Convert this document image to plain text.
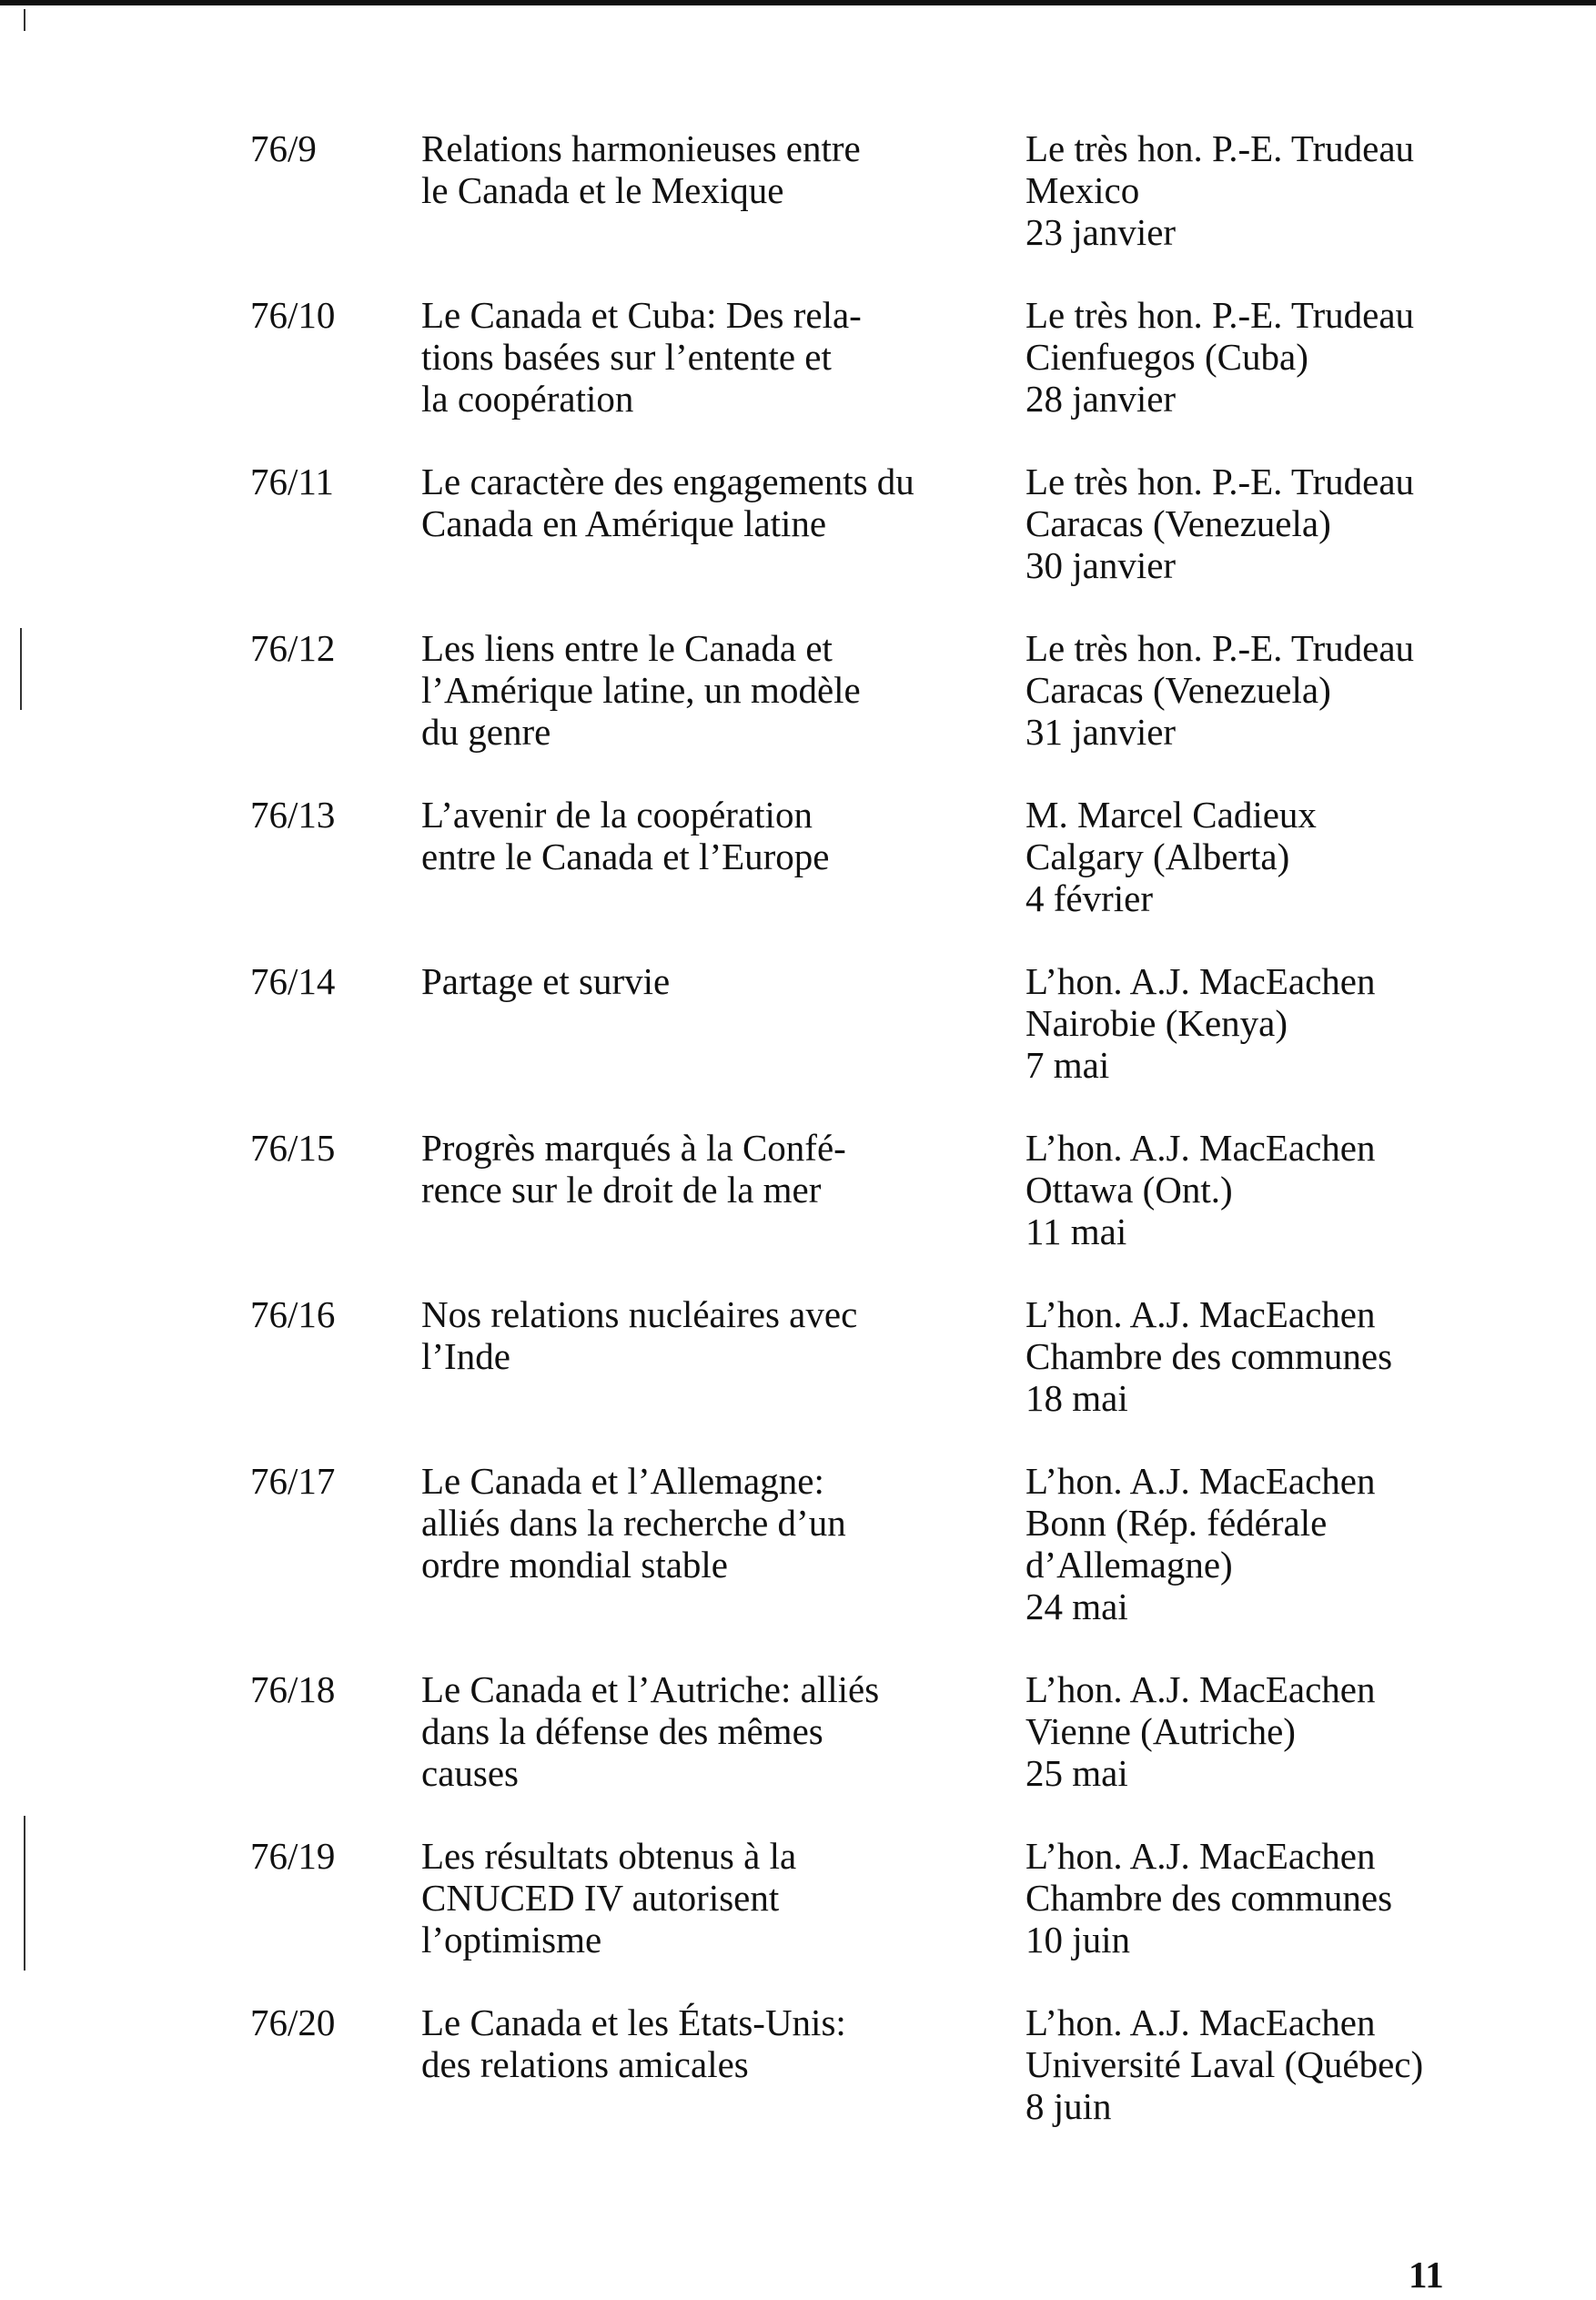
76/9	Relations harmonieuses entre
le Canada et le Mexique
Le très hon. P.-E. Trudeau
Mexico
23 janvier
76/10 Le Canada et Cuba: Des rela-
tions basées sur l’entente et
la coopération
Le très hon. P.-E. Trudeau
Cienfuegos (Cuba)
28 janvier
76/11 Le caractère des engagements du
Canada en Amérique latine
Le très hon. P.-E. Trudeau
Caracas (Venezuela)
30 janvier
76/12 Les liens entre le Canada et
l’Amérique latine, un modèle
du genre
Le très hon. P.-E. Trudeau
Caracas (Venezuela)
31 janvier
76/13 L’avenir de la coopération
entre le Canada et l’Europe
M. Marcel Cadieux
Calgary (Alberta)
4 février
76/14 Partage et survie	L’hon. A.J. MacEachen
Nairobie (Kenya)
7 mai
76/15 Progrès marqués à la Confé-
rence sur le droit de la mer
L’hon. A.J. MacEachen
Ottawa (Ont.)
11 mai
76/16 Nos relations nucléaires avec
l’Inde
L’hon. A.J. MacEachen
Chambre des communes
18 mai
76/17 Le Canada et l’Allemagne:
alliés dans la recherche d’un
ordre mondial stable
L’hon. A.J. MacEachen
Bonn (Rép. fédérale
d’Allemagne)
24 mai
76/18 Le Canada et l’Autriche: alliés
dans la défense des mêmes
causes
L’hon. A.J. MacEachen
Vienne (Autriche)
25 mai
76/19 Les résultats obtenus à la
CNUCED IV autorisent
l’optimisme
L’hon. A.J. MacEachen
Chambre des communes
10 juin
76/20 Le Canada et les États-Unis:
des relations amicales
L’hon. A.J. MacEachen
Université Laval (Québec)
8 juin
11
